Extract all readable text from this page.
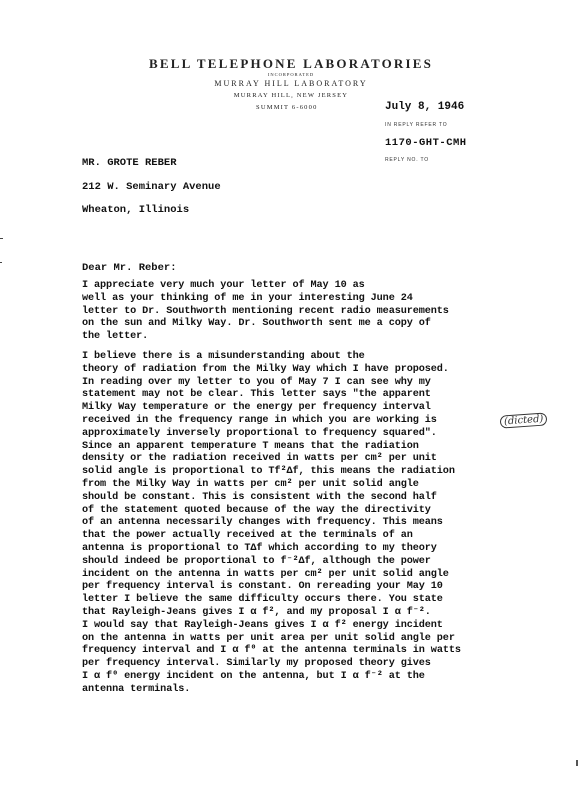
BELL TELEPHONE LABORATORIES
INCORPORATED
MURRAY HILL LABORATORY
MURRAY HILL, NEW JERSEY
SUMMIT 6-6000	July 8, 1946
IN REPLY REFER TO
1170-GHT-CMH
REPLY NO. TO
MR. GROTE REBER
212 W. Seminary Avenue
Wheaton, Illinois
Dear Mr. Reber:
I appreciate very much your letter of May 10 as
well as your thinking of me in your interesting June 24
letter to Dr. Southworth mentioning recent radio measurements
on the sun and Milky Way. Dr. Southworth sent me a copy of
the letter.
I believe there is a misunderstanding about the
theory of radiation from the Milky Way which I have proposed.
In reading over my letter to you of May 7 I can see why my
statement may not be clear. This letter says "the apparent
Milky Way temperature or the energy per frequency interval
received in the frequency range in which you are working is
approximately inversely proportional to frequency squared".
Since an apparent temperature T means that the radiation
density or the radiation received in watts per cm² per unit
solid angle is proportional to Tf²Δf, this means the radiation
from the Milky Way in watts per cm² per unit solid angle
should be constant. This is consistent with the second half
of the statement quoted because of the way the directivity
of an antenna necessarily changes with frequency. This means
that the power actually received at the terminals of an
antenna is proportional to TΔf which according to my theory
should indeed be proportional to f⁻²Δf, although the power
incident on the antenna in watts per cm² per unit solid angle
per frequency interval is constant. On rereading your May 10
letter I believe the same difficulty occurs there. You state
that Rayleigh-Jeans gives I α f², and my proposal I α f⁻².
I would say that Rayleigh-Jeans gives I α f² energy incident
on the antenna in watts per unit area per unit solid angle per
frequency interval and I α f⁰ at the antenna terminals in watts
per frequency interval. Similarly my proposed theory gives
I α f⁰ energy incident on the antenna, but I α f⁻² at the
antenna terminals.
(dicted)
